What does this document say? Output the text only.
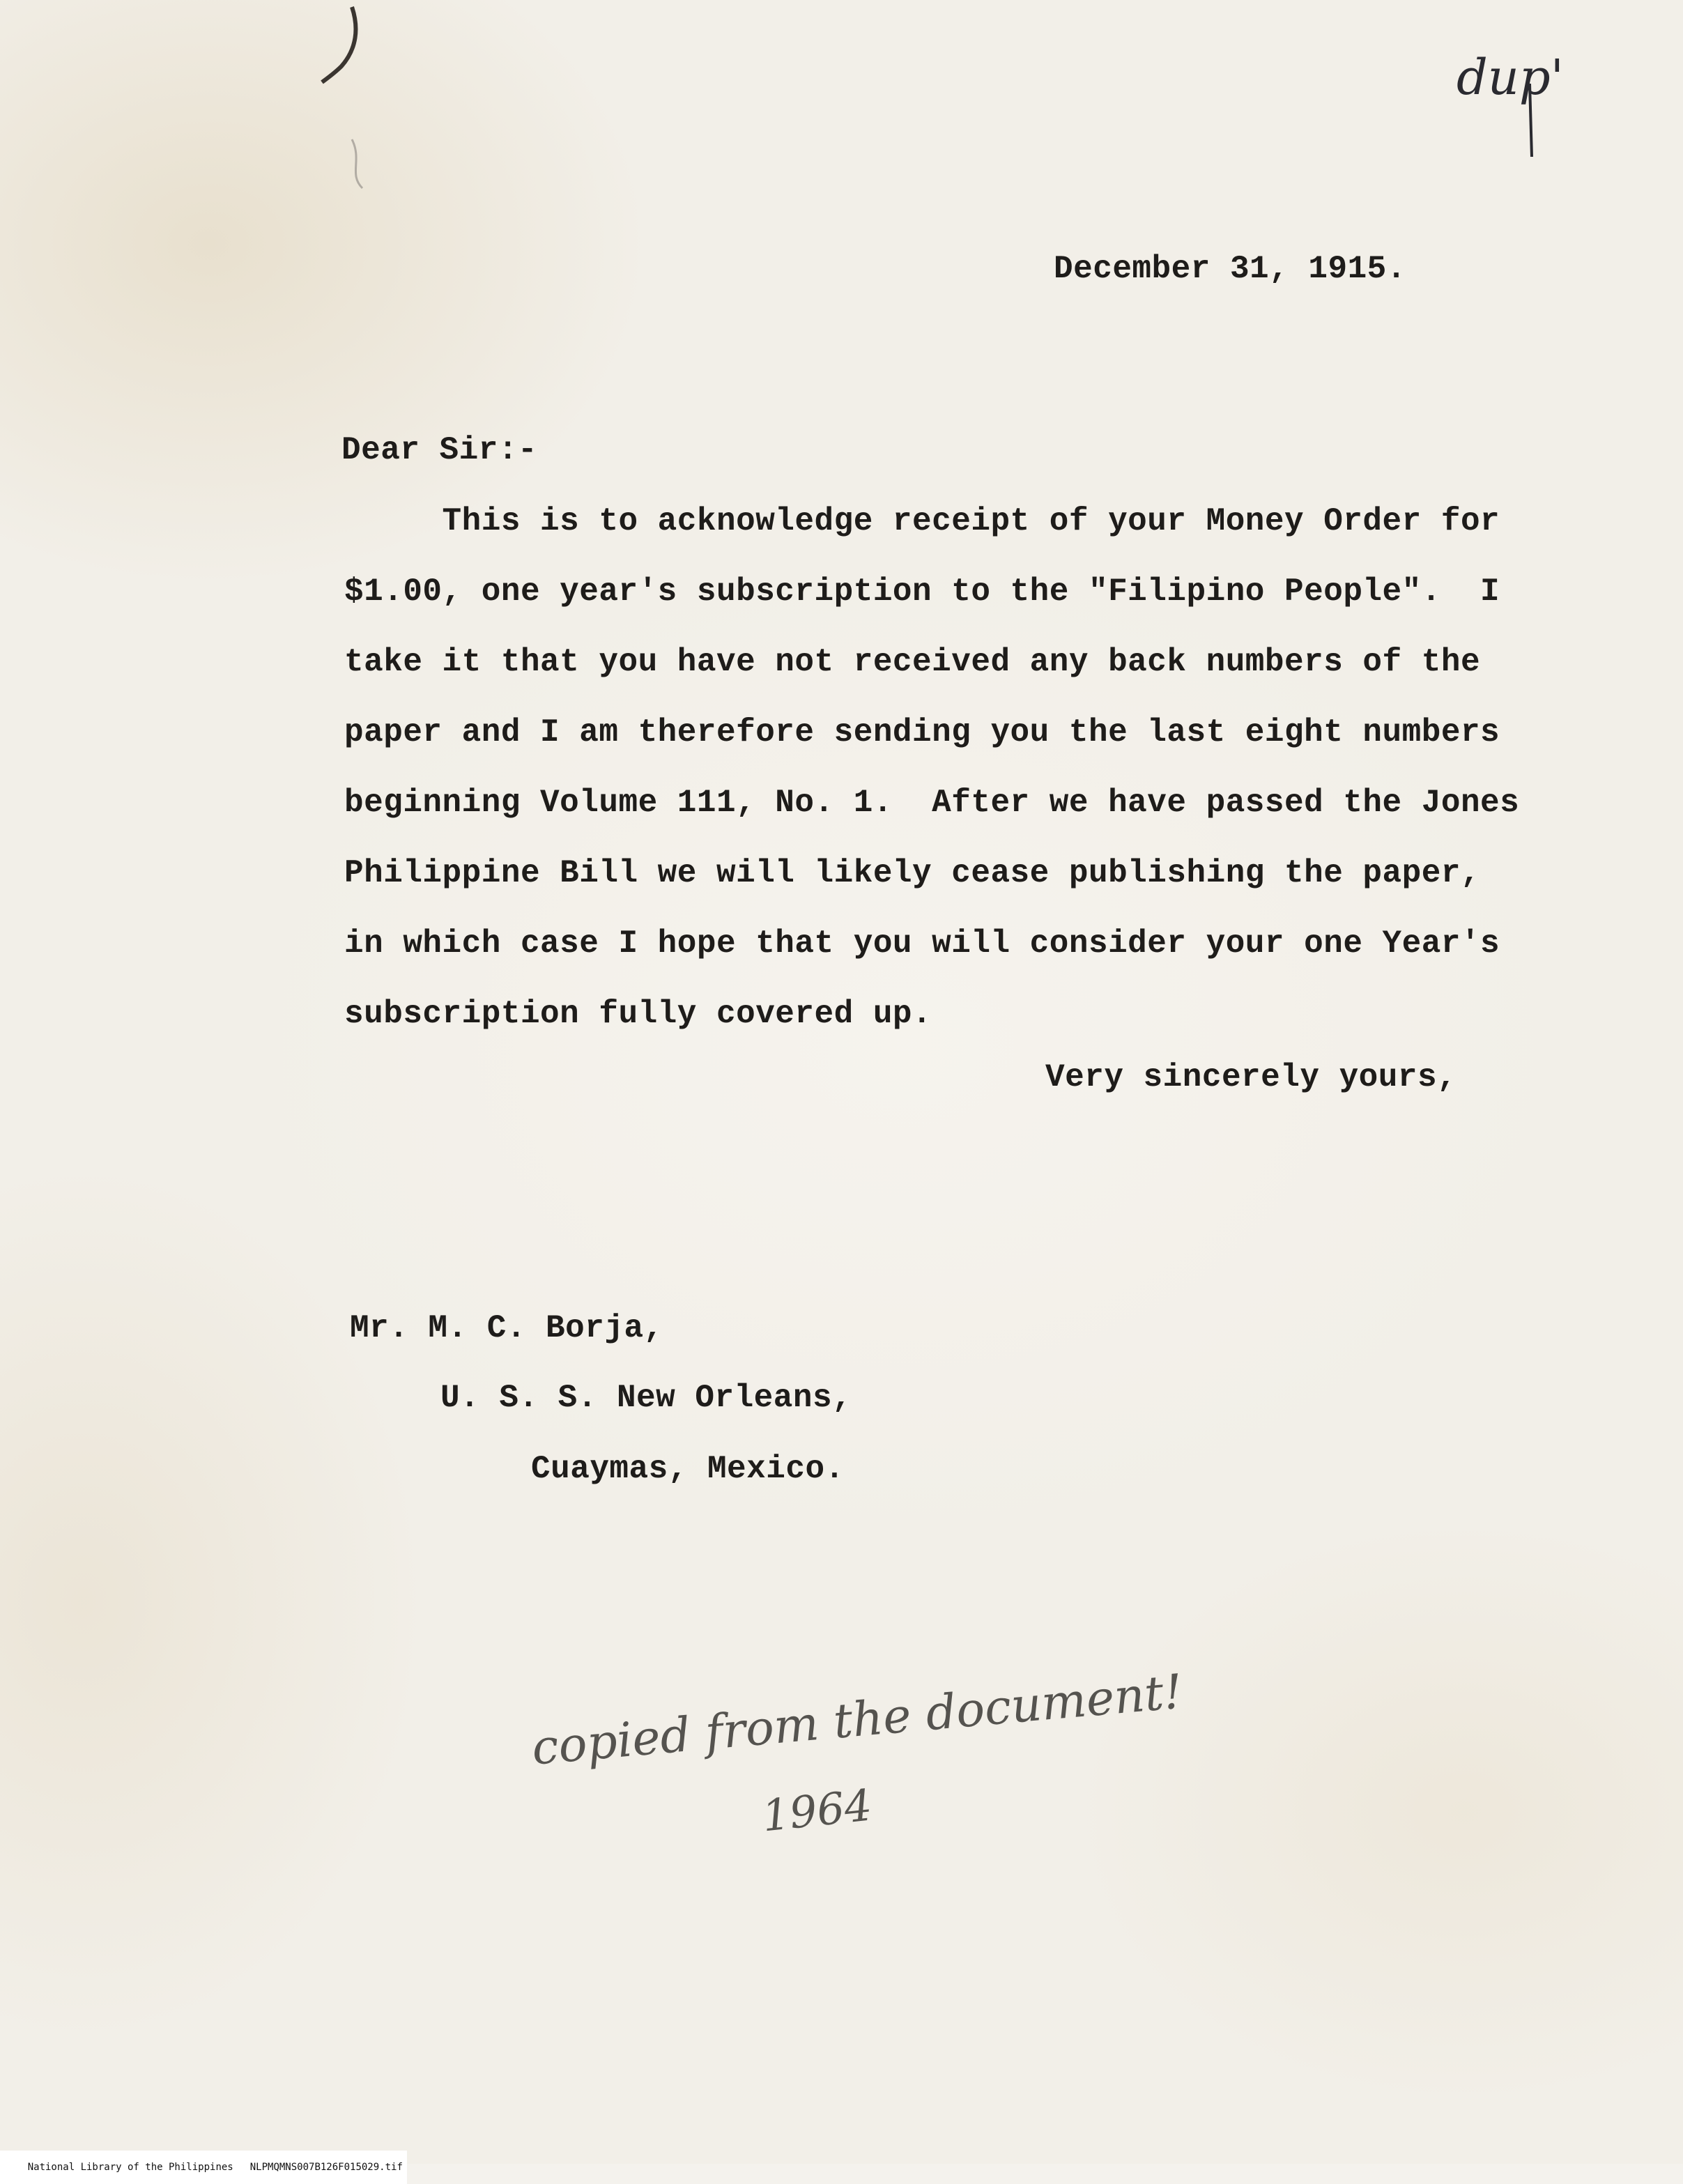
dup'
December 31, 1915.
Dear Sir:-
This is to acknowledge receipt of your Money Order for
$1.00, one year's subscription to the "Filipino People".  I
take it that you have not received any back numbers of the
paper and I am therefore sending you the last eight numbers
beginning Volume 111, No. 1.  After we have passed the Jones
Philippine Bill we will likely cease publishing the paper,
in which case I hope that you will consider your one Year's
subscription fully covered up.
Very sincerely yours,
Mr. M. C. Borja,
U. S. S. New Orleans,
Cuaymas, Mexico.
copied from the document!
1964

National Library of the Philippines NLPMQMNS007B126F015029.tif
